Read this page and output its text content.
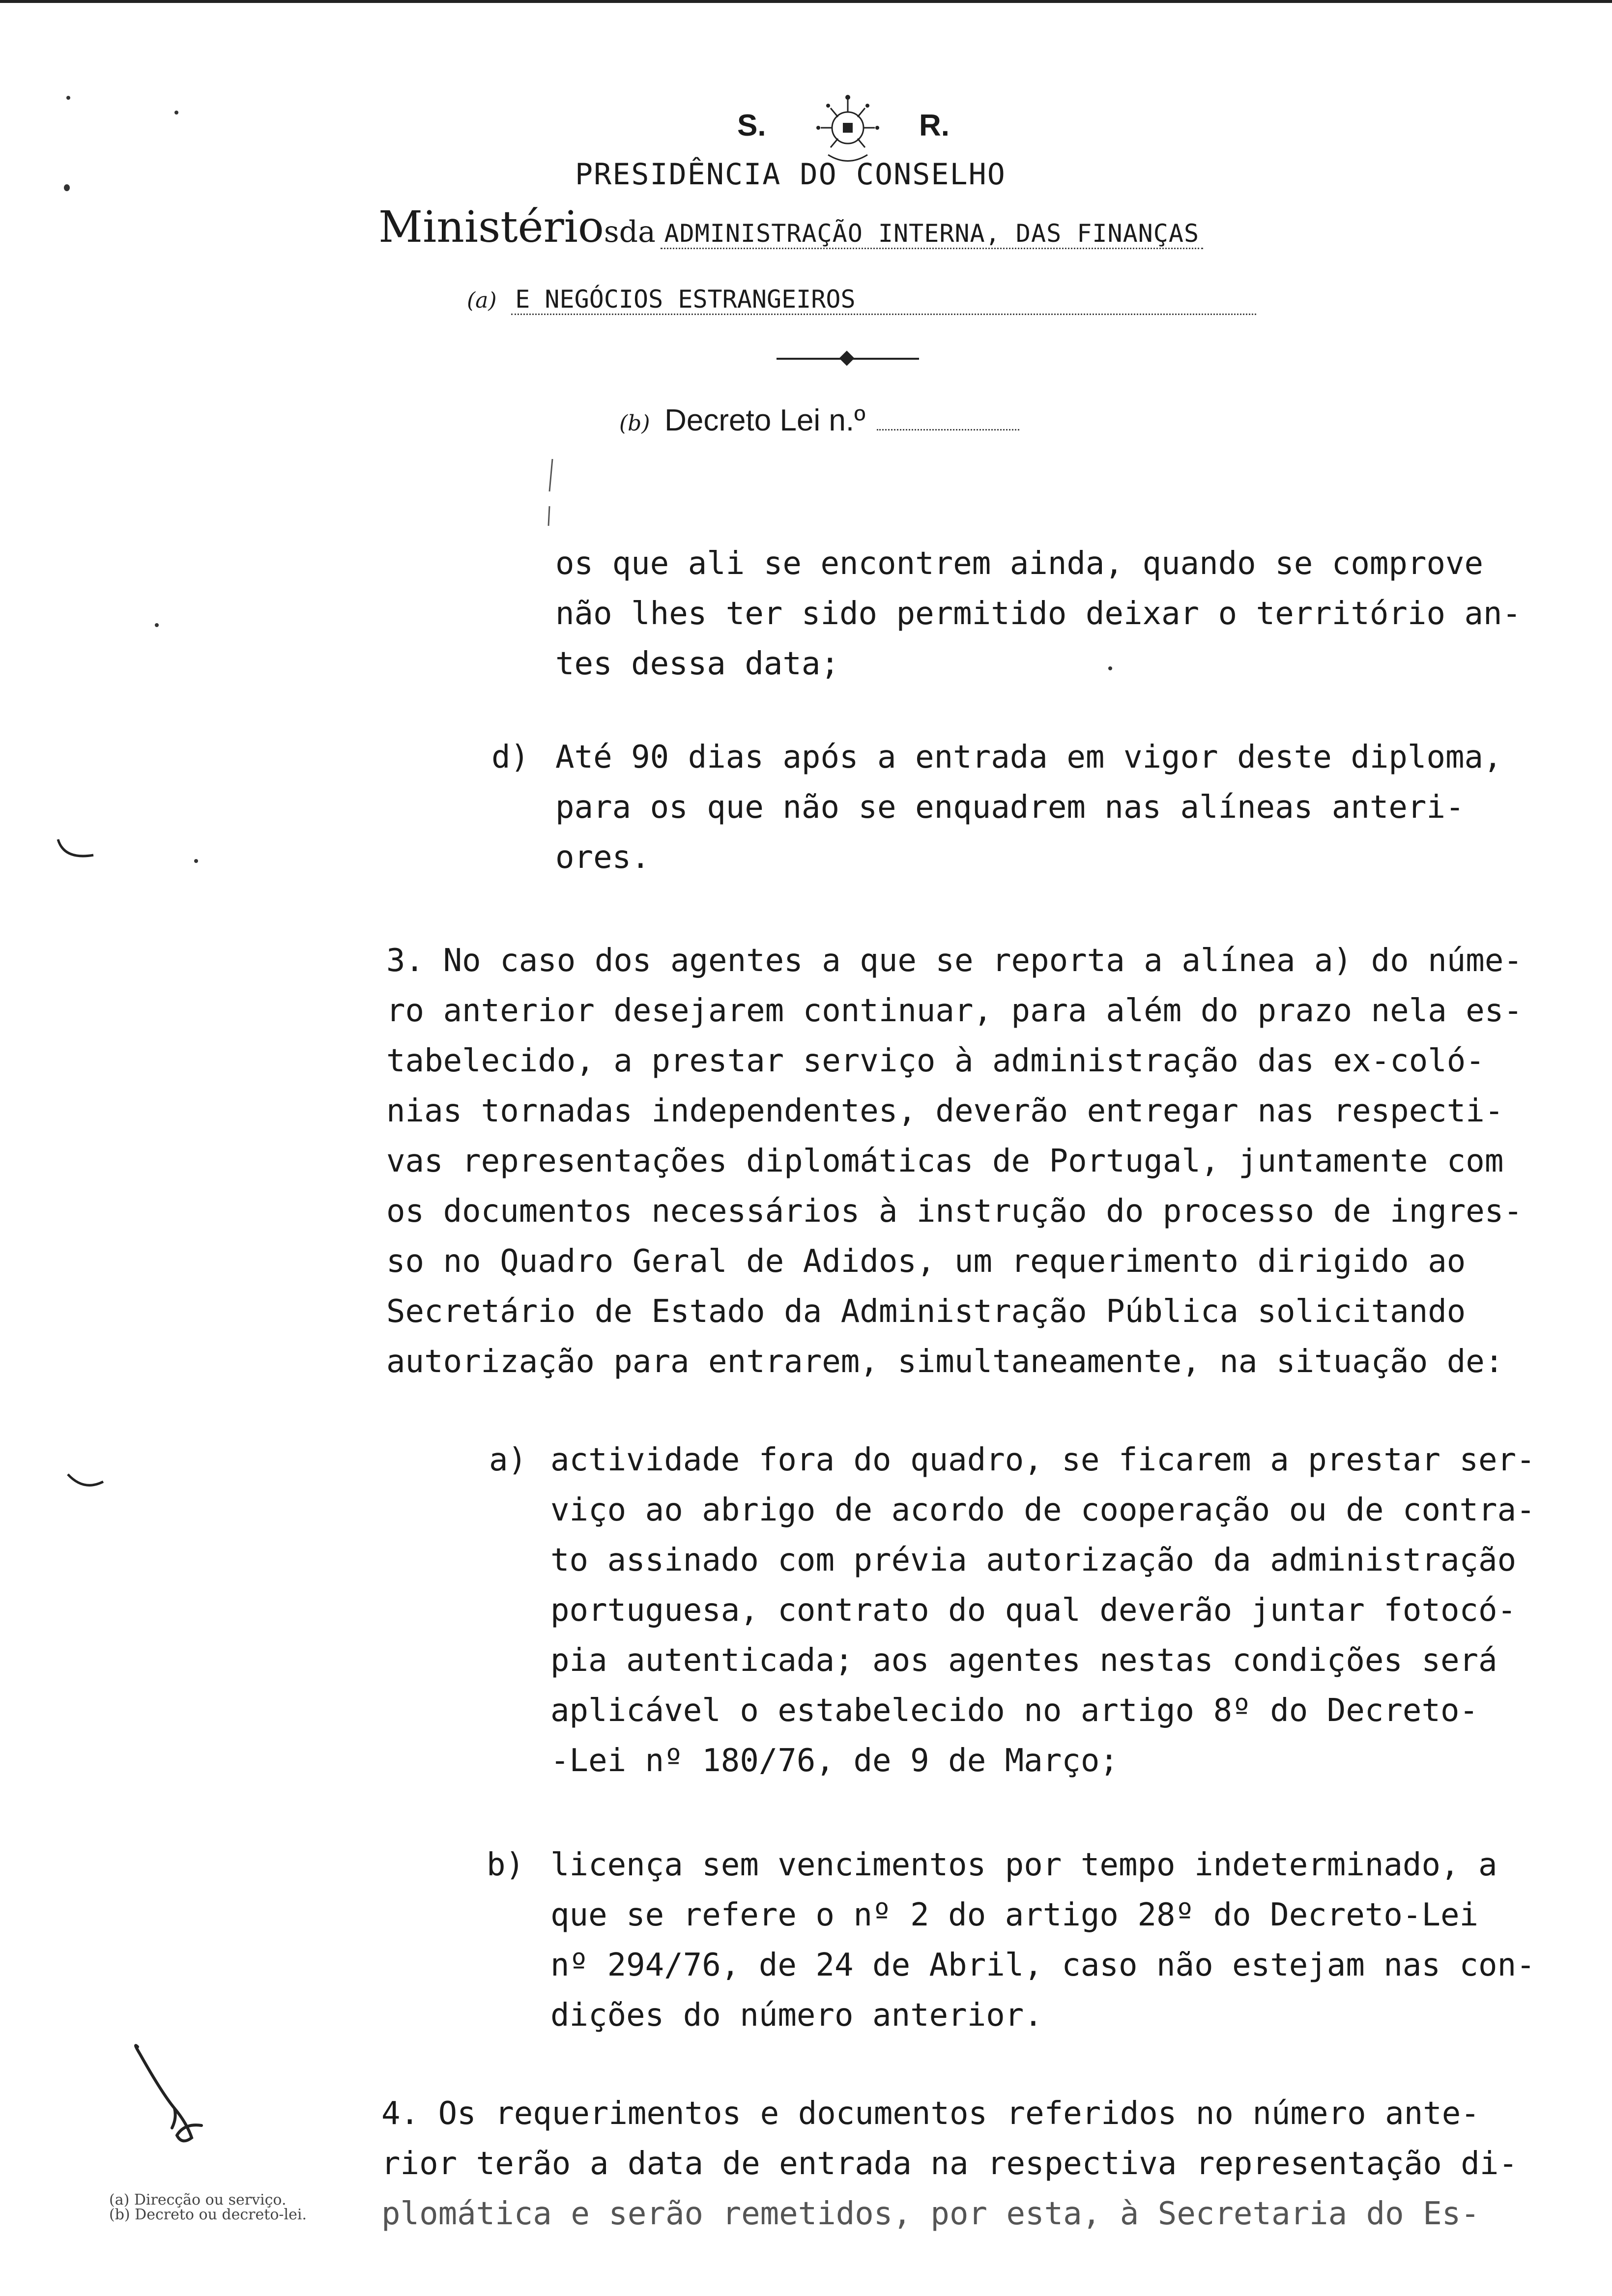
S.	R.
PRESIDÊNCIA DO CONSELHO
Ministériosda ADMINISTRAÇÃO INTERNA, DAS FINANÇAS
(a) E NEGÓCIOS ESTRANGEIROS
(b) Decreto Lei n.º
os que ali se encontrem ainda, quando se comprove
não lhes ter sido permitido deixar o território an-
tes dessa data;
d) Até 90 dias após a entrada em vigor deste diploma,
para os que não se enquadrem nas alíneas anteri-
ores.
3. No caso dos agentes a que se reporta a alínea a) do núme-
ro anterior desejarem continuar, para além do prazo nela es-
tabelecido, a prestar serviço à administração das ex-coló-
nias tornadas independentes, deverão entregar nas respecti-
vas representações diplomáticas de Portugal, juntamente com
os documentos necessários à instrução do processo de ingres-
so no Quadro Geral de Adidos, um requerimento dirigido ao
Secretário de Estado da Administração Pública solicitando
autorização para entrarem, simultaneamente, na situação de:
a) actividade fora do quadro, se ficarem a prestar ser-
viço ao abrigo de acordo de cooperação ou de contra-
to assinado com prévia autorização da administração
portuguesa, contrato do qual deverão juntar fotocó-
pia autenticada; aos agentes nestas condições será
aplicável o estabelecido no artigo 8º do Decreto-
-Lei nº 180/76, de 9 de Março;
b) licença sem vencimentos por tempo indeterminado, a
que se refere o nº 2 do artigo 28º do Decreto-Lei
nº 294/76, de 24 de Abril, caso não estejam nas con-
dições do número anterior.
4. Os requerimentos e documentos referidos no número ante-
rior terão a data de entrada na respectiva representação di-
plomática e serão remetidos, por esta, à Secretaria do Es-
(a) Direcção ou serviço.
(b) Decreto ou decreto-lei.
